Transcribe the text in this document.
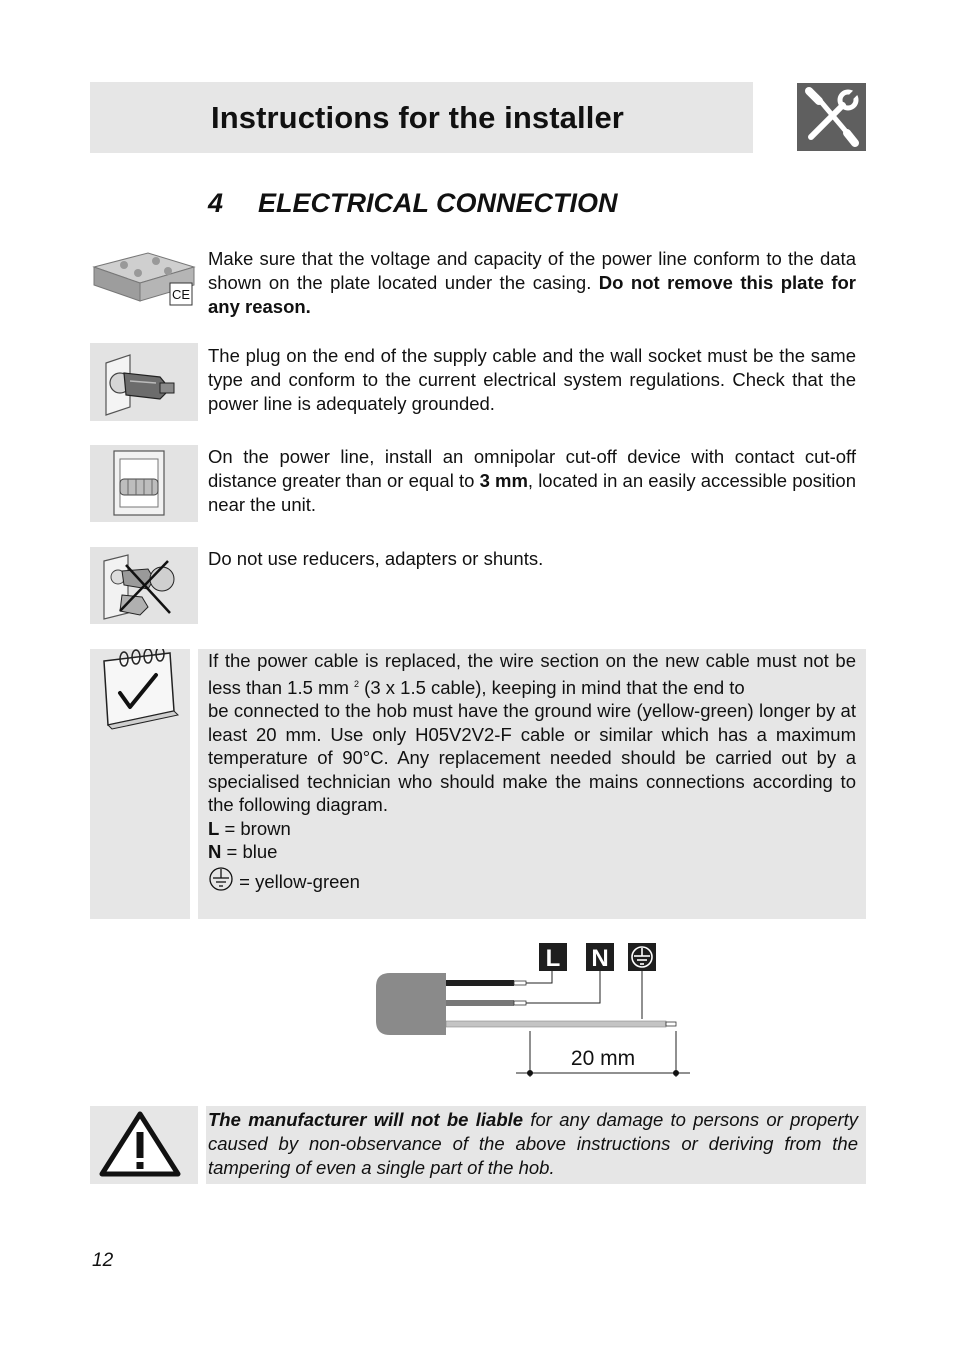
Instructions for the installer
4 ELECTRICAL CONNECTION
CE

Make sure that the voltage and capacity of the power line conform to the data shown on the plate located under the casing. Do not remove this plate for any reason.

The plug on the end of the supply cable and the wall socket must be the same type and conform to the current electrical system regulations. Check that the power line is adequately grounded.

On the power line, install an omnipolar cut-off device with contact cut-off distance greater than or equal to 3 mm, located in an easily accessible position near the unit.

Do not use reducers, adapters or shunts.

If the power cable is replaced, the wire section on the new cable must not be less than 1.5 mm $^2$ (3 x 1.5 cable), keeping in mind that the end to

be connected to the hob must have the ground wire (yellow-green) longer by at least 20 mm. Use only H05V2V2-F cable or similar which has a maximum temperature of 90°C. Any replacement needed should be carried out by a specialised technician who should make the mains connections according to the following diagram.

L = brown

N = blue

= yellow-green

L N
20 mm

The manufacturer will not be liable for any damage to persons or property caused by non-observance of the above instructions or deriving from the tampering of even a single part of the hob.

12
